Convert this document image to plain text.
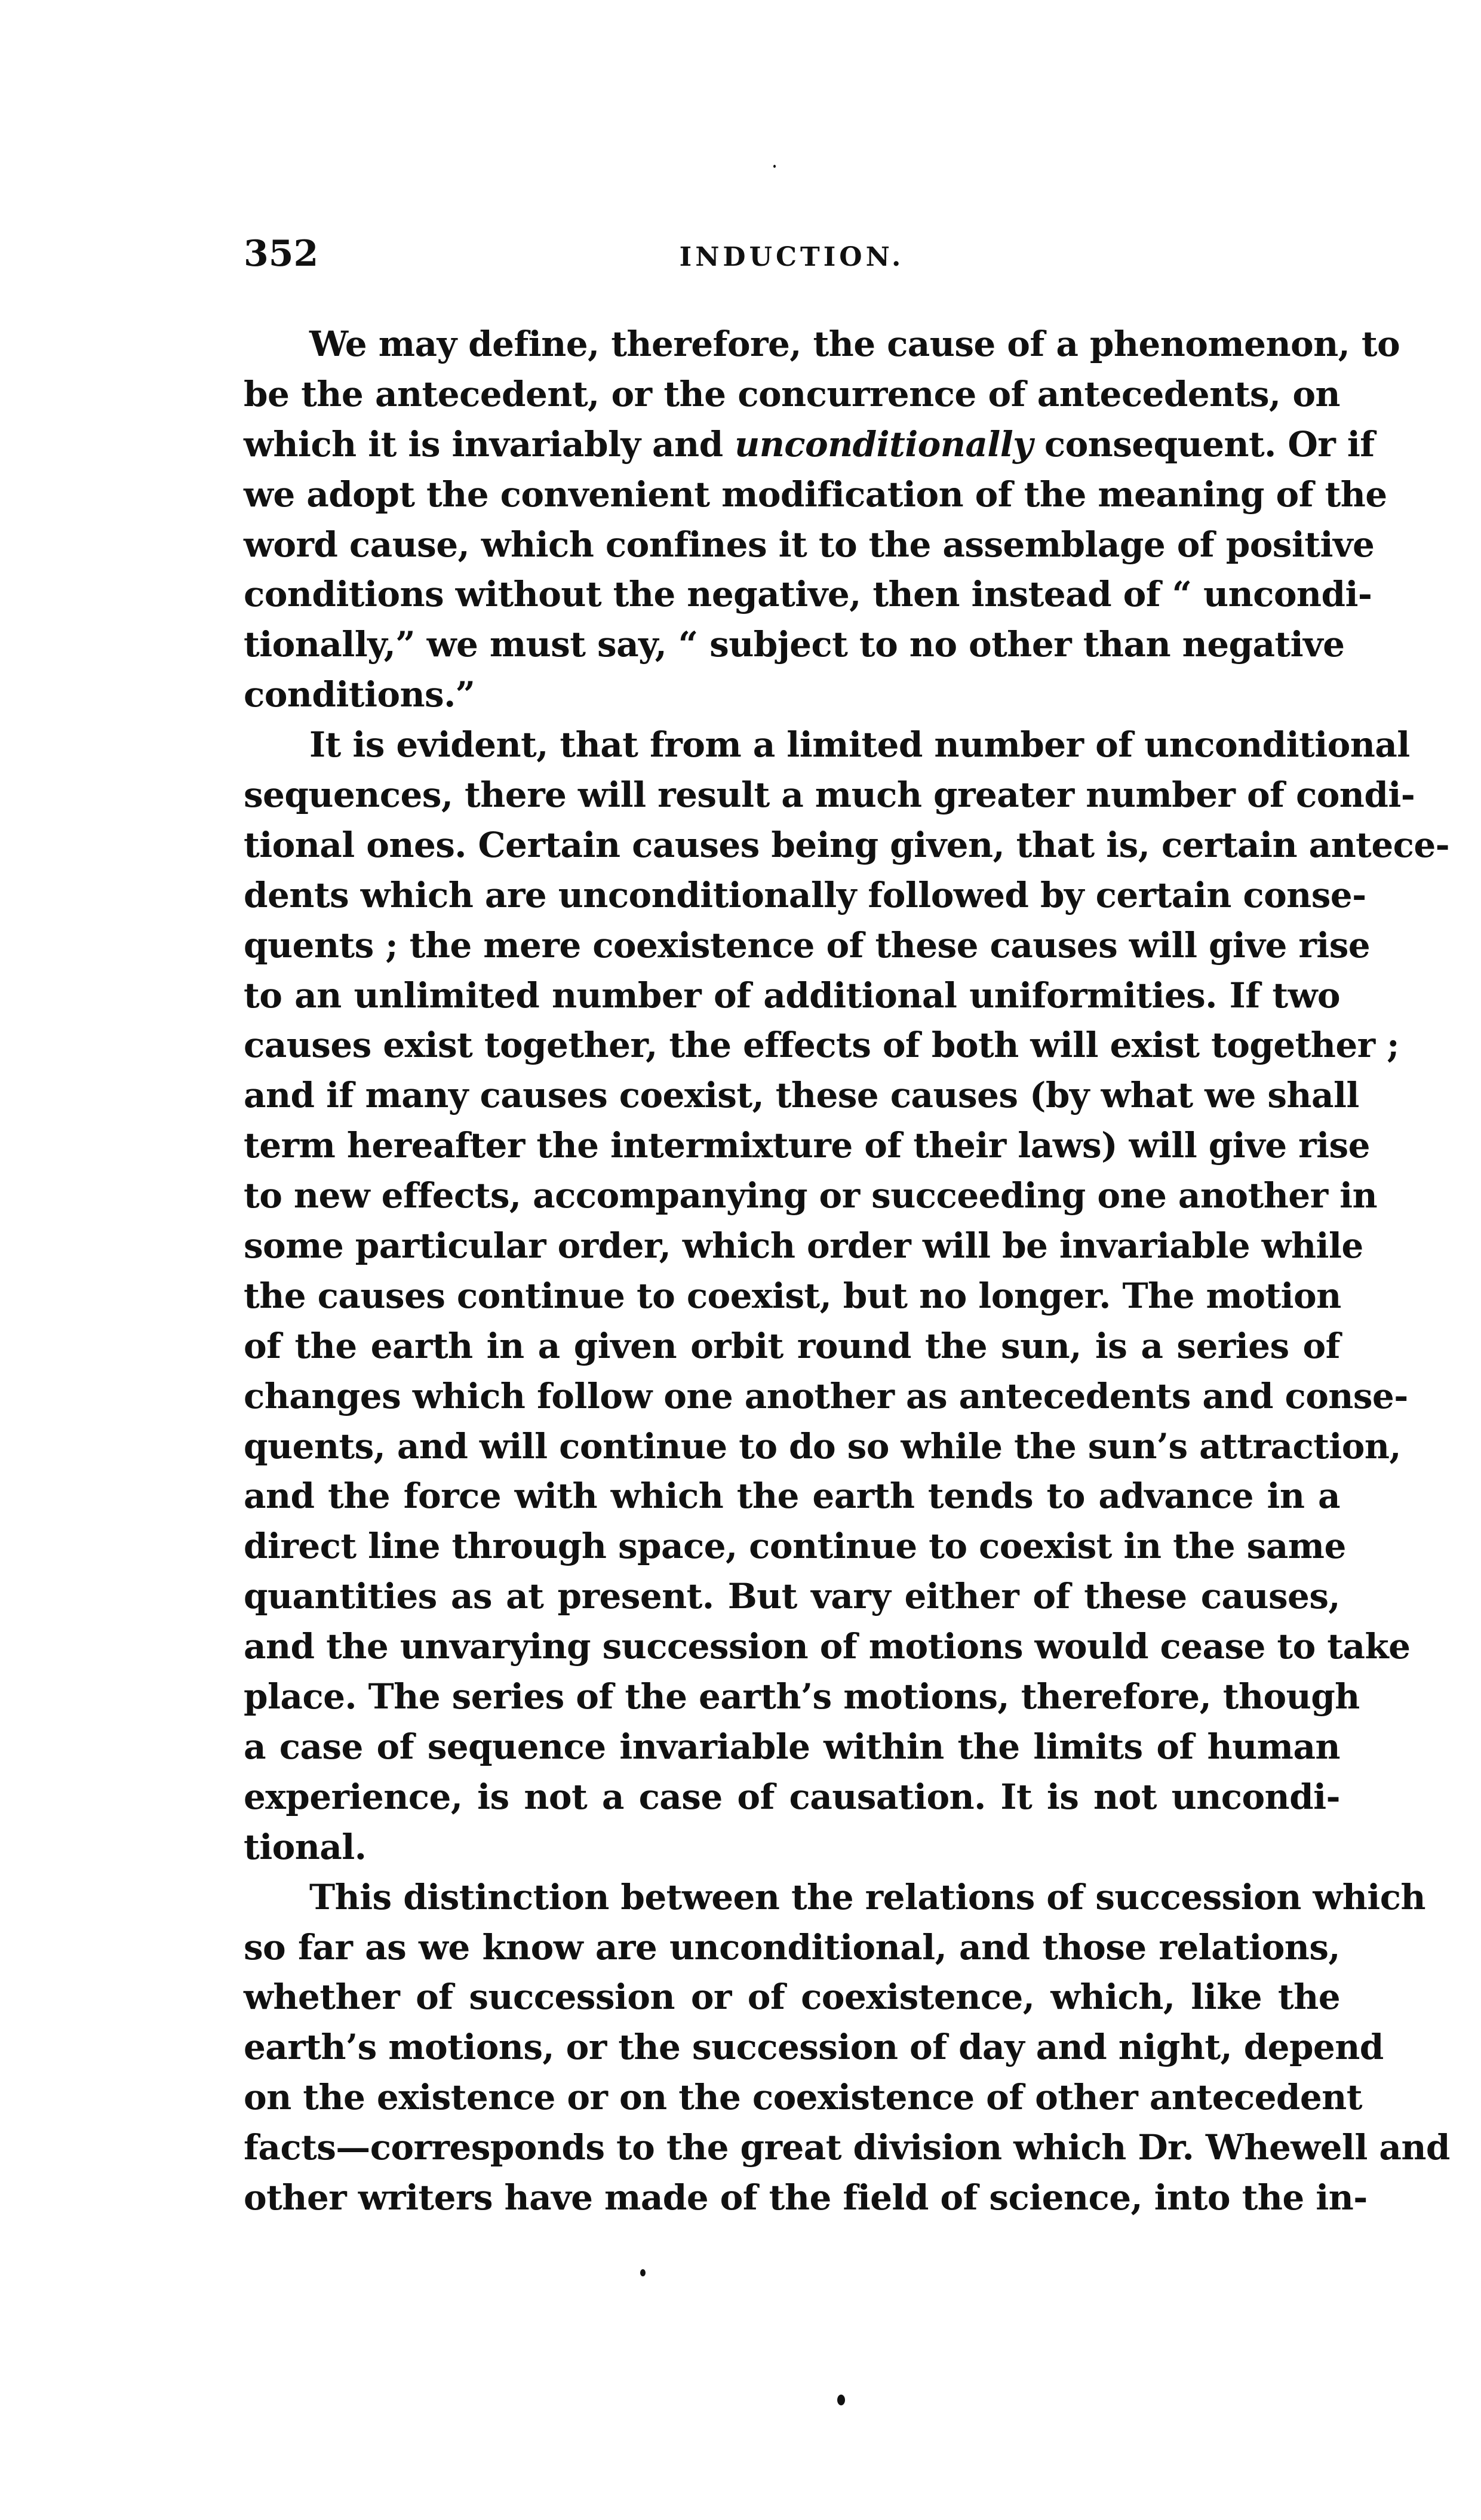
352	INDUCTION.
We may define, therefore, the cause of a phenomenon, to
be the antecedent, or the concurrence of antecedents, on
which it is invariably and unconditionally consequent. Or if
we adopt the convenient modification of the meaning of the
word cause, which confines it to the assemblage of positive
conditions without the negative, then instead of “ uncondi-
tionally,” we must say, “ subject to no other than negative
conditions.”
It is evident, that from a limited number of unconditional
sequences, there will result a much greater number of condi-
tional ones. Certain causes being given, that is, certain antece-
dents which are unconditionally followed by certain conse-
quents ; the mere coexistence of these causes will give rise
to an unlimited number of additional uniformities. If two
causes exist together, the effects of both will exist together ;
and if many causes coexist, these causes (by what we shall
term hereafter the intermixture of their laws) will give rise
to new effects, accompanying or succeeding one another in
some particular order, which order will be invariable while
the causes continue to coexist, but no longer. The motion
of the earth in a given orbit round the sun, is a series of
changes which follow one another as antecedents and conse-
quents, and will continue to do so while the sun’s attraction,
and the force with which the earth tends to advance in a
direct line through space, continue to coexist in the same
quantities as at present. But vary either of these causes,
and the unvarying succession of motions would cease to take
place. The series of the earth’s motions, therefore, though
a case of sequence invariable within the limits of human
experience, is not a case of causation. It is not uncondi-
tional.
This distinction between the relations of succession which
so far as we know are unconditional, and those relations,
whether of succession or of coexistence, which, like the
earth’s motions, or the succession of day and night, depend
on the existence or on the coexistence of other antecedent
facts—corresponds to the great division which Dr. Whewell and
other writers have made of the field of science, into the in-
